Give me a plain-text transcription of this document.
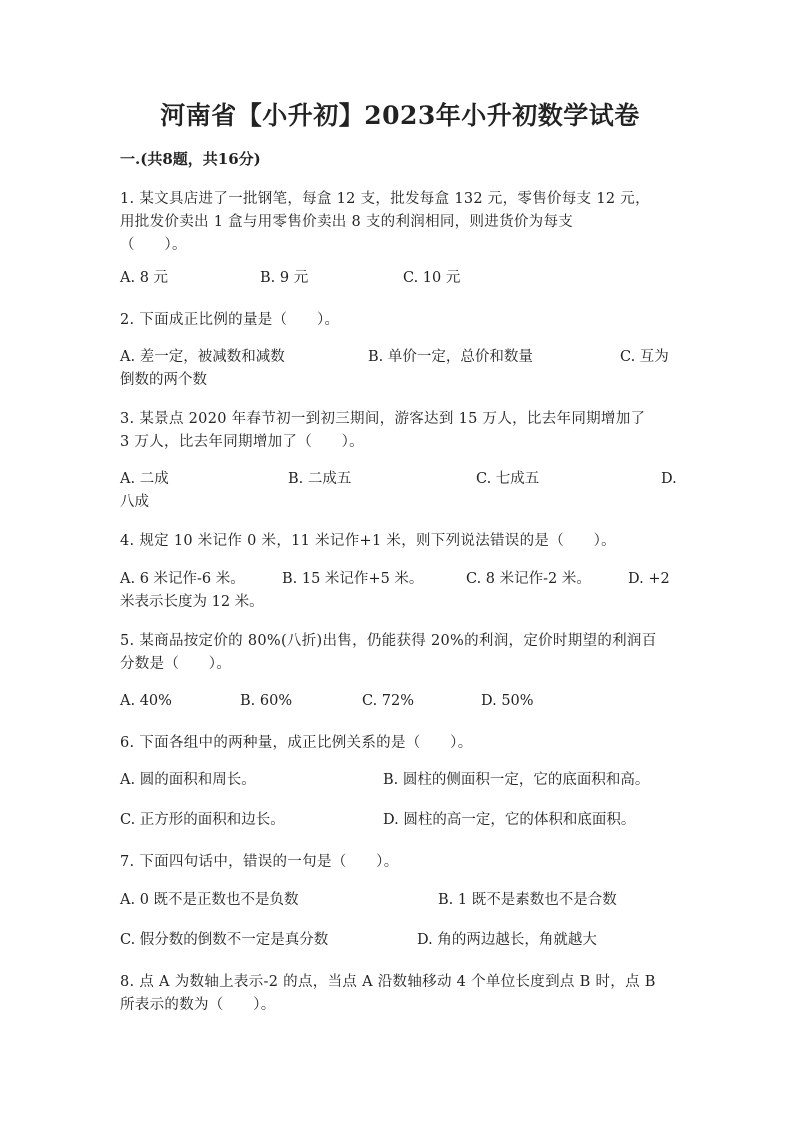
河南省【小升初】2023年小升初数学试卷
一.(共8题，共16分)
1. 某文具店进了一批钢笔，每盒 12 支，批发每盒 132 元，零售价每支 12 元，
用批发价卖出 1 盒与用零售价卖出 8 支的利润相同，则进货价为每支
（　　）。
A. 8 元	B. 9 元	C. 10 元
2. 下面成正比例的量是（　　）。
A. 差一定，被减数和减数	B. 单价一定，总价和数量	C. 互为
倒数的两个数
3. 某景点 2020 年春节初一到初三期间，游客达到 15 万人，比去年同期增加了
3 万人，比去年同期增加了（　　）。
A. 二成	B. 二成五	C. 七成五	D.
八成
4. 规定 10 米记作 0 米，11 米记作+1 米，则下列说法错误的是（　　）。
A. 6 米记作-6 米。	B. 15 米记作+5 米。	C. 8 米记作-2 米。	D. +2
米表示长度为 12 米。
5. 某商品按定价的 80%(八折)出售，仍能获得 20%的利润，定价时期望的利润百
分数是（　　）。
A. 40%	B. 60%	C. 72%	D. 50%
6. 下面各组中的两种量，成正比例关系的是（　　）。
A. 圆的面积和周长。	B. 圆柱的侧面积一定，它的底面积和高。
C. 正方形的面积和边长。	D. 圆柱的高一定，它的体积和底面积。
7. 下面四句话中，错误的一句是（　　）。
A. 0 既不是正数也不是负数	B. 1 既不是素数也不是合数
C. 假分数的倒数不一定是真分数	D. 角的两边越长，角就越大
8. 点 A 为数轴上表示-2 的点，当点 A 沿数轴移动 4 个单位长度到点 B 时，点 B
所表示的数为（　　）。
